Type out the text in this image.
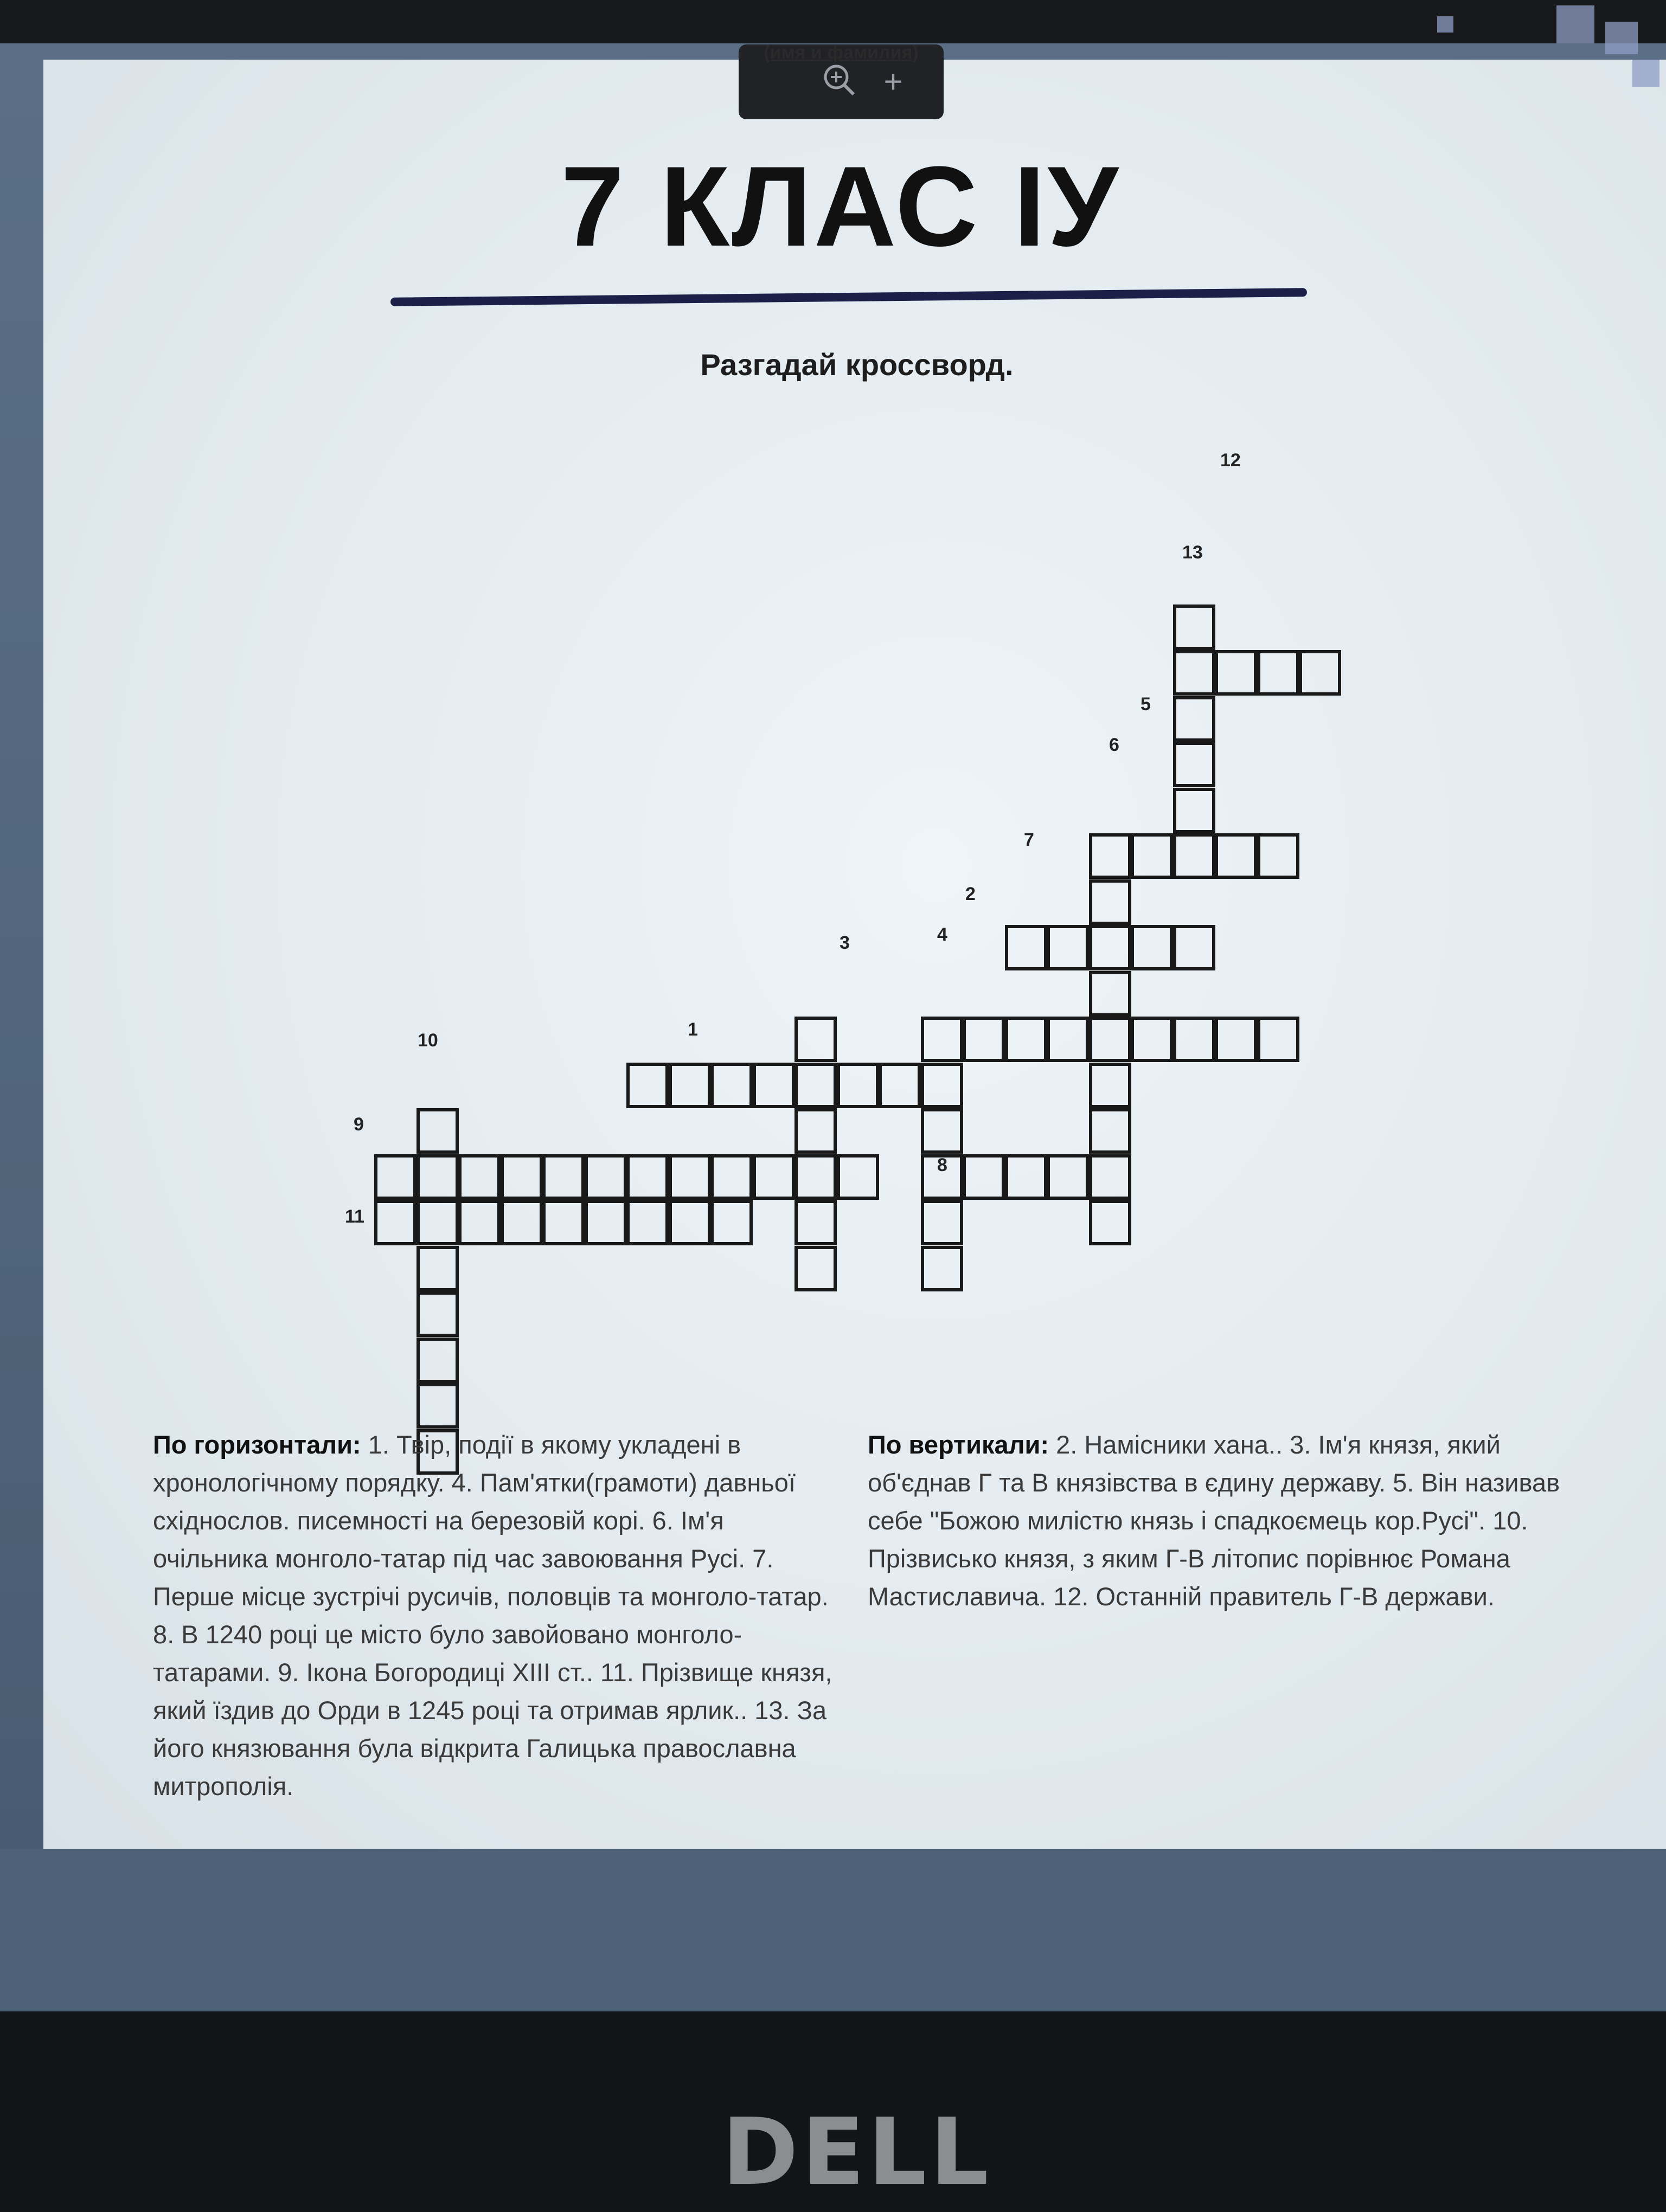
DELL
(имя и фамилия)
+
7 КЛАС ІУ
Разгадай кроссворд.
1
2
3	4
5
6
7
8
9
10
11
12
13
По горизонтали: 1. Твір, події в якому укладені в хронологічному порядку. 4. Пам'ятки(грамоти) давньої східнослов. писемності на березовій корі. 6. Ім'я очільника монголо-татар під час завоювання Русі. 7. Перше місце зустрічі русичів, половців та монголо-татар. 8. В 1240 році це місто було завойовано монголо-татарами. 9. Ікона Богородиці XIII ст.. 11. Прізвище князя, який їздив до Орди в 1245 році та отримав ярлик.. 13. За його князювання була відкрита Галицька православна митрополія.
По вертикали: 2. Намісники хана.. 3. Ім'я князя, який об'єднав Г та В князівства в єдину державу. 5. Він називав себе "Божою милістю князь і спадкоємець кор.Русі". 10. Прізвисько князя, з яким Г-В літопис порівнює Романа Мастиславича. 12. Останній правитель Г-В держави.
